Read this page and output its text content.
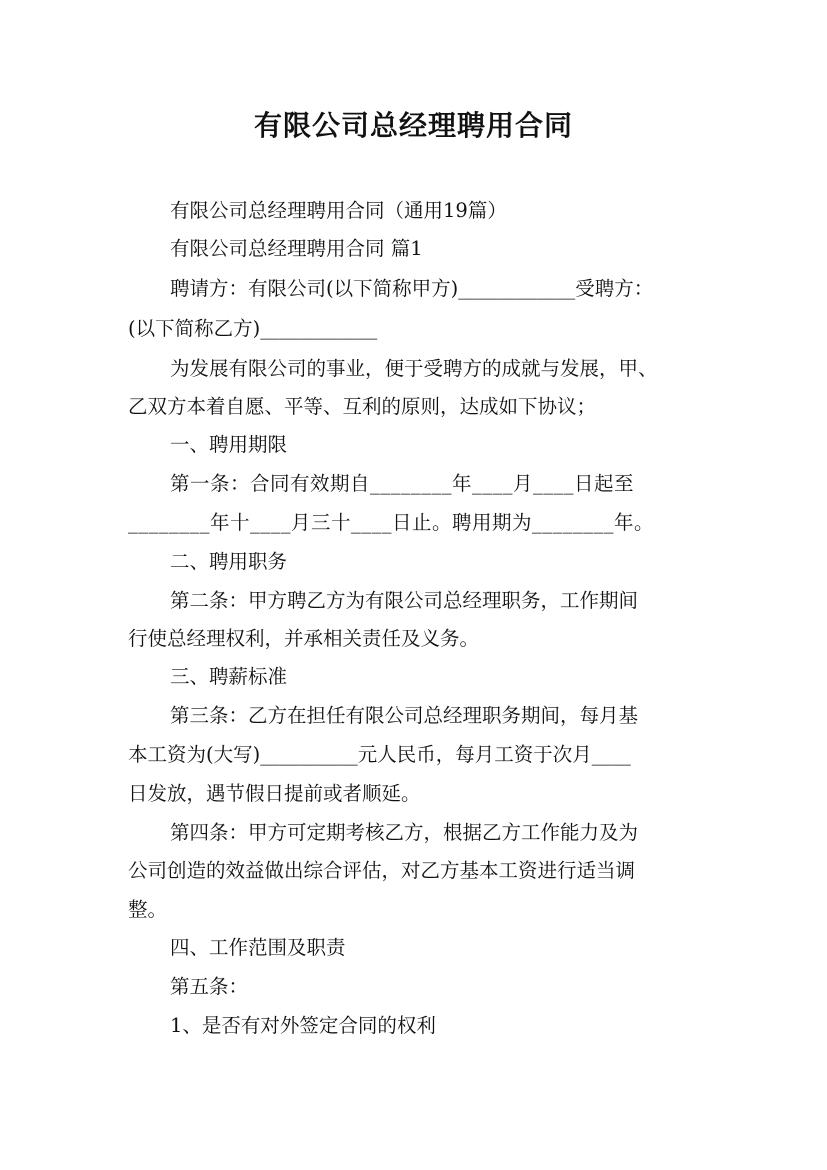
有限公司总经理聘用合同
有限公司总经理聘用合同（通用19篇）
有限公司总经理聘用合同 篇1
聘请方：有限公司(以下简称甲方)____________受聘方：
(以下简称乙方)____________
为发展有限公司的事业，便于受聘方的成就与发展，甲、
乙双方本着自愿、平等、互利的原则，达成如下协议；
一、聘用期限
第一条：合同有效期自________年____月____日起至
________年十____月三十____日止。聘用期为________年。
二、聘用职务
第二条：甲方聘乙方为有限公司总经理职务，工作期间
行使总经理权利，并承相关责任及义务。
三、聘薪标准
第三条：乙方在担任有限公司总经理职务期间，每月基
本工资为(大写)__________元人民币，每月工资于次月____
日发放，遇节假日提前或者顺延。
第四条：甲方可定期考核乙方，根据乙方工作能力及为
公司创造的效益做出综合评估，对乙方基本工资进行适当调
整。
四、工作范围及职责
第五条：
1、是否有对外签定合同的权利
